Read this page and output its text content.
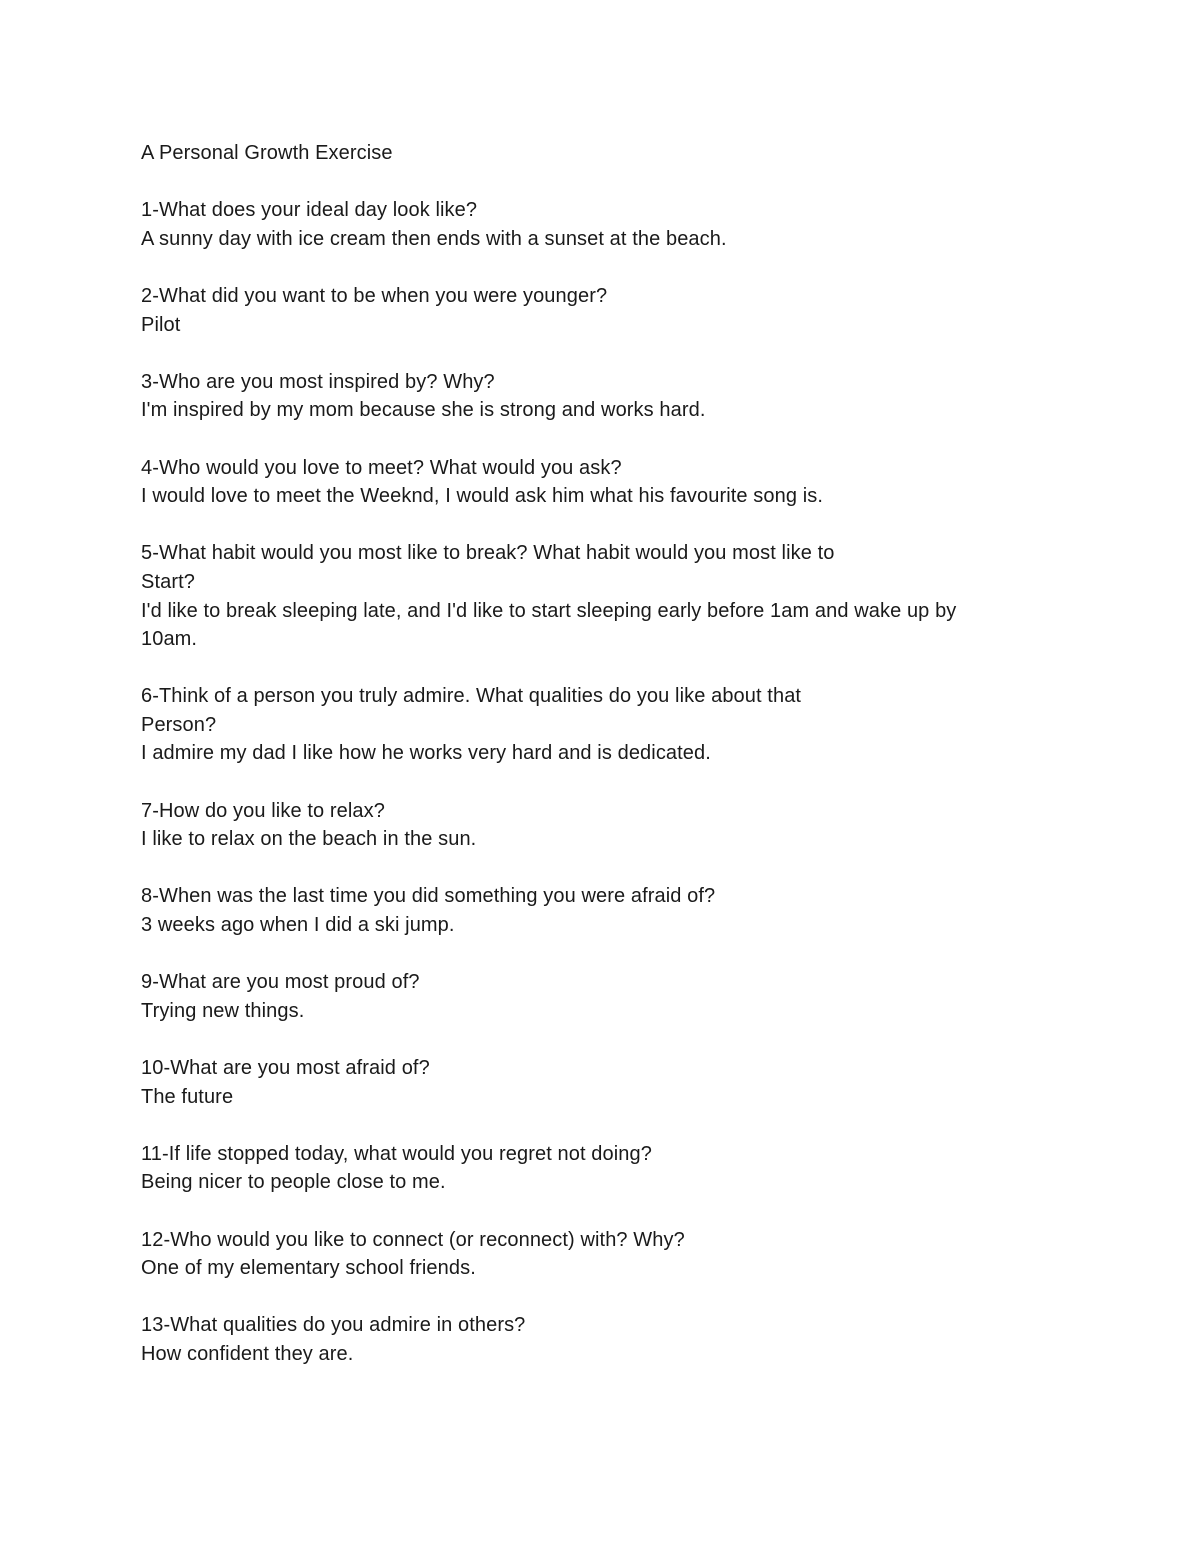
A Personal Growth Exercise
1-What does your ideal day look like?
A sunny day with ice cream then ends with a sunset at the beach.
2-What did you want to be when you were younger?
Pilot
3-Who are you most inspired by? Why?
I'm inspired by my mom because she is strong and works hard.
4-Who would you love to meet? What would you ask?
I would love to meet the Weeknd, I would ask him what his favourite song is.
5-What habit would you most like to break? What habit would you most like to
Start?
I'd like to break sleeping late, and I'd like to start sleeping early before 1am and wake up by
10am.
6-Think of a person you truly admire. What qualities do you like about that
Person?
I admire my dad I like how he works very hard and is dedicated.
7-How do you like to relax?
I like to relax on the beach in the sun.
8-When was the last time you did something you were afraid of?
3 weeks ago when I did a ski jump.
9-What are you most proud of?
Trying new things.
10-What are you most afraid of?
The future
11-If life stopped today, what would you regret not doing?
Being nicer to people close to me.
12-Who would you like to connect (or reconnect) with? Why?
One of my elementary school friends.
13-What qualities do you admire in others?
How confident they are.
